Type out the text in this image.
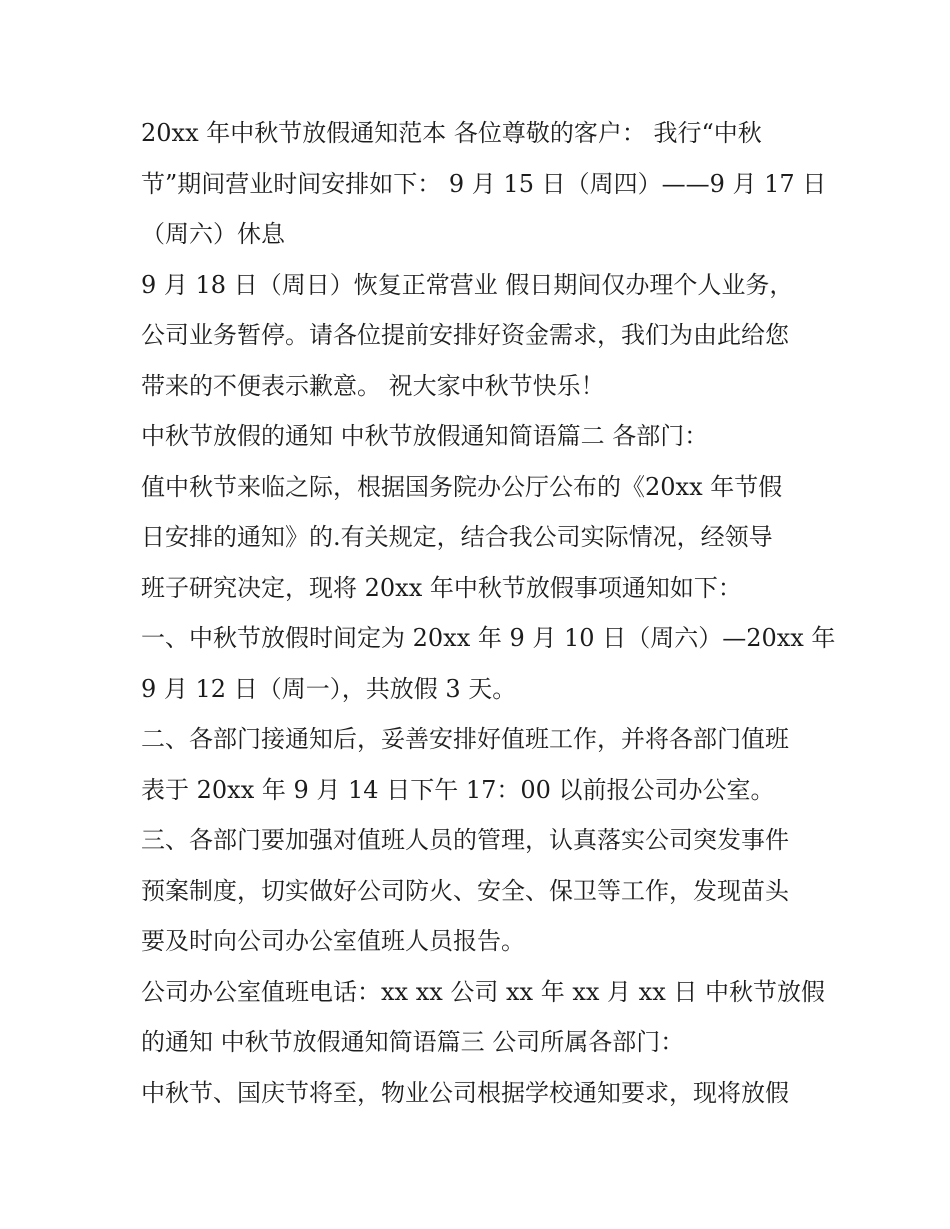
20xx 年中秋节放假通知范本 各位尊敬的客户： 我行“中秋
节”期间营业时间安排如下： 9 月 15 日（周四）——9 月 17 日
（周六）休息
9 月 18 日（周日）恢复正常营业 假日期间仅办理个人业务，
公司业务暂停。请各位提前安排好资金需求，我们为由此给您
带来的不便表示歉意。 祝大家中秋节快乐！
中秋节放假的通知 中秋节放假通知简语篇二 各部门：
值中秋节来临之际，根据国务院办公厅公布的《20xx 年节假
日安排的通知》的.有关规定，结合我公司实际情况，经领导
班子研究决定，现将 20xx 年中秋节放假事项通知如下：
一、中秋节放假时间定为 20xx 年 9 月 10 日（周六）—20xx 年
9 月 12 日（周一），共放假 3 天。
二、各部门接通知后，妥善安排好值班工作，并将各部门值班
表于 20xx 年 9 月 14 日下午 17：00 以前报公司办公室。
三、各部门要加强对值班人员的管理，认真落实公司突发事件
预案制度，切实做好公司防火、安全、保卫等工作，发现苗头
要及时向公司办公室值班人员报告。
公司办公室值班电话：xx xx 公司 xx 年 xx 月 xx 日 中秋节放假
的通知 中秋节放假通知简语篇三 公司所属各部门：
中秋节、国庆节将至，物业公司根据学校通知要求，现将放假
